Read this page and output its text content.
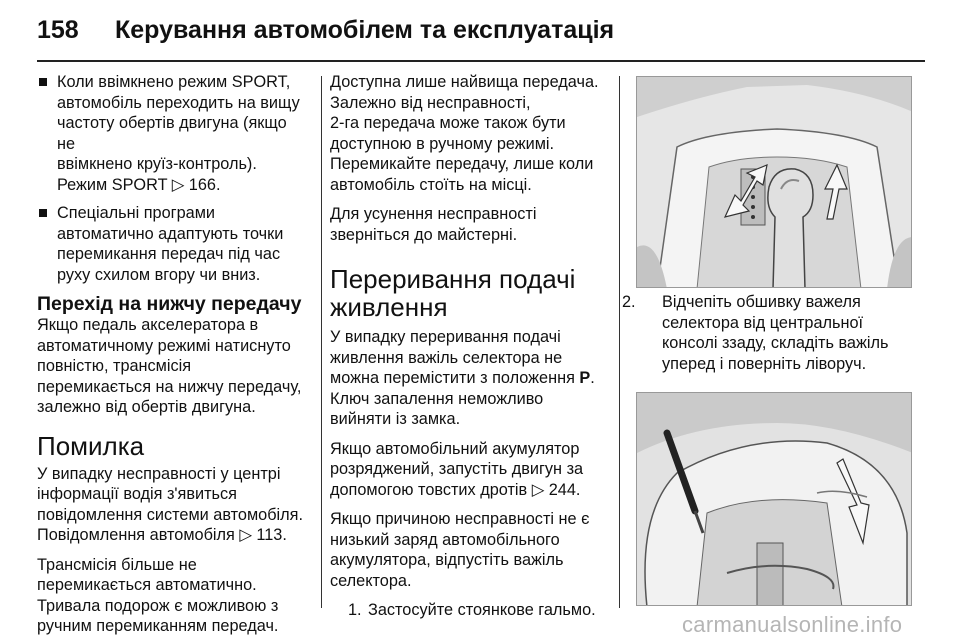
158	Керування автомобілем та експлуатація
Коли ввімкнено режим SPORT,
автомобіль переходить на вищу
частоту обертів двигуна (якщо не
ввімкнено круїз-контроль).
Режим SPORT ▷ 166.
Спеціальні програми
автоматично адаптують точки
перемикання передач під час
руху схилом вгору чи вниз.
Перехід на нижчу передачу
Якщо педаль акселератора в
автоматичному режимі натиснуто
повністю, трансмісія
перемикається на нижчу передачу,
залежно від обертів двигуна.
Помилка
У випадку несправності у центрі
інформації водія з'явиться
повідомлення системи автомобіля.
Повідомлення автомобіля ▷ 113.
Трансмісія більше не
перемикається автоматично.
Тривала подорож є можливою з
ручним перемиканням передач.
Доступна лише найвища передача.
Залежно від несправності,
2-га передача може також бути
доступною в ручному режимі.
Перемикайте передачу, лише коли
автомобіль стоїть на місці.
Для усунення несправності
зверніться до майстерні.
Переривання подачі
живлення
У випадку переривання подачі
живлення важіль селектора не
можна перемістити з положення P.
Ключ запалення неможливо
вийняти із замка.
Якщо автомобільний акумулятор
розряджений, запустіть двигун за
допомогою товстих дротів ▷ 244.
Якщо причиною несправності не є
низький заряд автомобільного
акумулятора, відпустіть важіль
селектора.
1. Застосуйте стоянкове гальмо.
2. Відчепіть обшивку важеля
селектора від центральної
консолі ззаду, складіть важіль
уперед і поверніть ліворуч.
carmanualsonline.info
